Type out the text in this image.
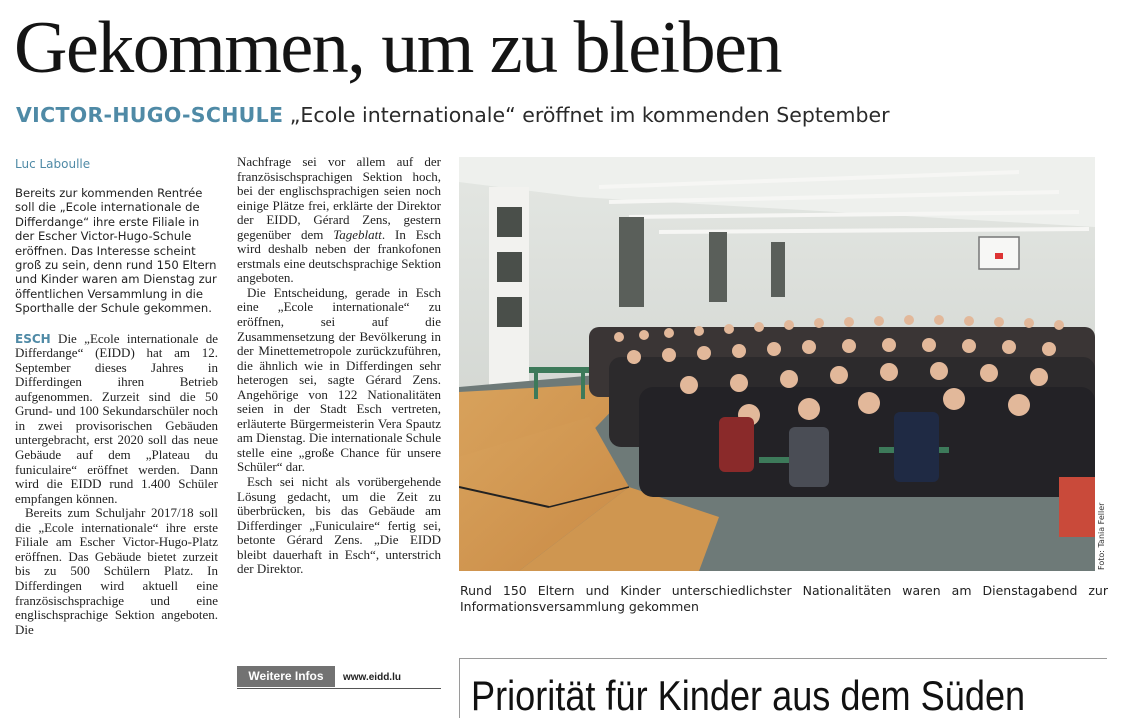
Gekommen, um zu bleiben
VICTOR-HUGO-SCHULE „Ecole internationale“ eröffnet im kommenden September
Luc Laboulle

Bereits zur kommenden Rentrée soll die „Ecole internationale de Differdange“ ihre erste Filiale in der Escher Victor-Hugo-Schule eröffnen. Das Interesse scheint groß zu sein, denn rund 150 Eltern und Kinder waren am Dienstag zur öffentlichen Versammlung in die Sporthalle der Schule gekommen.

ESCH Die „Ecole internationale de Differdange“ (EIDD) hat am 12. September dieses Jahres in Differdingen ihren Betrieb aufgenommen. Zurzeit sind die 50 Grund- und 100 Sekundarschüler noch in zwei provisorischen Gebäuden untergebracht, erst 2020 soll das neue Gebäude auf dem „Plateau du funiculaire“ eröffnet werden. Dann wird die EIDD rund 1.400 Schüler empfangen können.

Bereits zum Schuljahr 2017/18 soll die „Ecole internationale“ ihre erste Filiale am Escher Victor-Hugo-Platz eröffnen. Das Gebäude bietet zurzeit bis zu 500 Schülern Platz. In Differdingen wird aktuell eine französischsprachige und eine englischsprachige Sektion angeboten. Die

Nachfrage sei vor allem auf der französischsprachigen Sektion hoch, bei der englischsprachigen seien noch einige Plätze frei, erklärte der Direktor der EIDD, Gérard Zens, gestern gegenüber dem Tageblatt. In Esch wird deshalb neben der frankofonen erstmals eine deutschsprachige Sektion angeboten.

Die Entscheidung, gerade in Esch eine „Ecole internationale“ zu eröffnen, sei auf die Zusammensetzung der Bevölkerung in der Minettemetropole zurückzuführen, die ähnlich wie in Differdingen sehr heterogen sei, sagte Gérard Zens. Angehörige von 122 Nationalitäten seien in der Stadt Esch vertreten, erläuterte Bürgermeisterin Vera Spautz am Dienstag. Die internationale Schule stelle eine „große Chance für unsere Schüler“ dar.

Esch sei nicht als vorübergehende Lösung gedacht, um die Zeit zu überbrücken, bis das Gebäude am Differdinger „Funiculaire“ fertig sei, betonte Gérard Zens. „Die EIDD bleibt dauerhaft in Esch“, unterstrich der Direktor.

Weitere Infos	www.eidd.lu
Foto: Tania Feller
Rund 150 Eltern und Kinder unterschiedlichster Nationalitäten waren am Dienstagabend zur Informationsversammlung gekommen
Priorität für Kinder aus dem Süden
